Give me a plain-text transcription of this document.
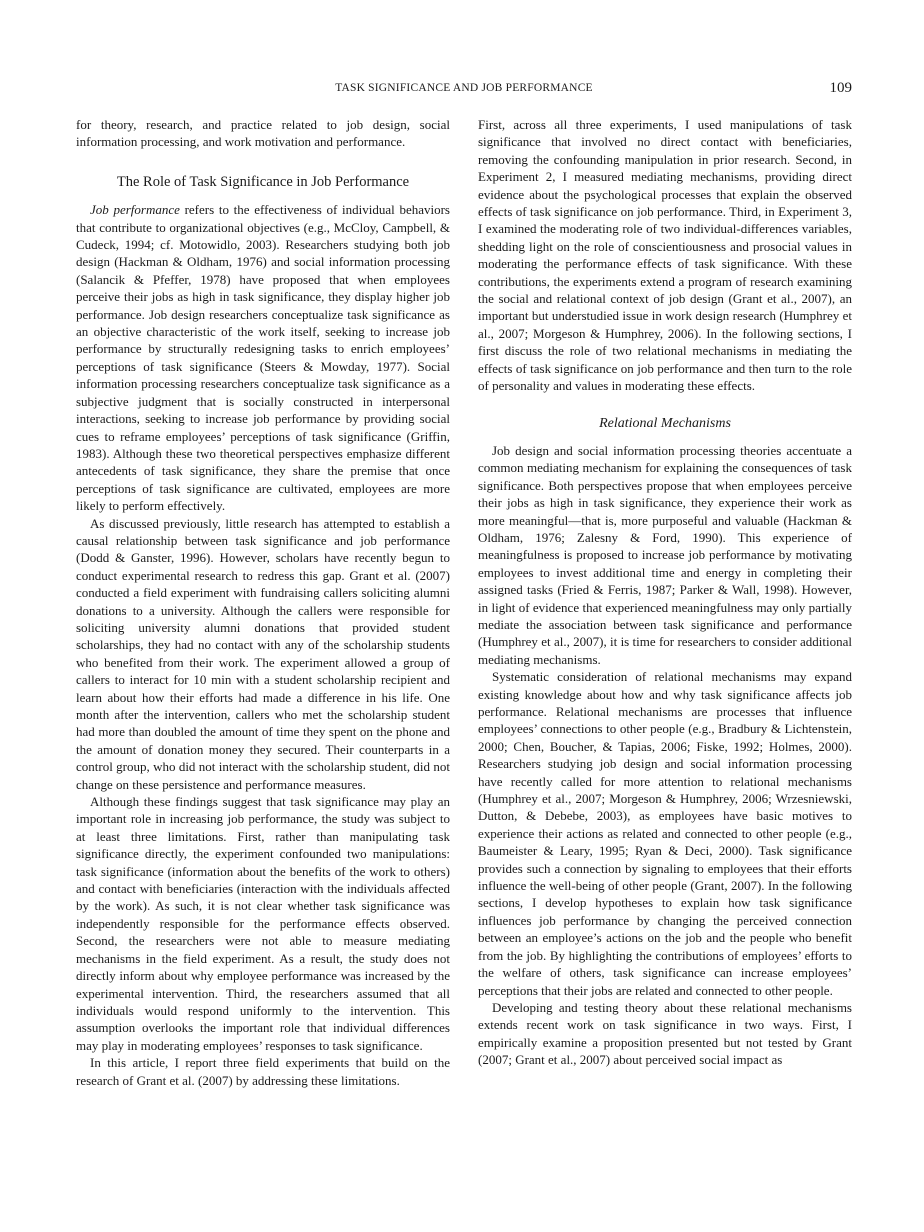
TASK SIGNIFICANCE AND JOB PERFORMANCE	109

for theory, research, and practice related to job design, social information processing, and work motivation and performance.

The Role of Task Significance in Job Performance

Job performance refers to the effectiveness of individual behaviors that contribute to organizational objectives (e.g., McCloy, Campbell, & Cudeck, 1994; cf. Motowidlo, 2003). Researchers studying both job design (Hackman & Oldham, 1976) and social information processing (Salancik & Pfeffer, 1978) have proposed that when employees perceive their jobs as high in task significance, they display higher job performance. Job design researchers conceptualize task significance as an objective characteristic of the work itself, seeking to increase job performance by structurally redesigning tasks to enrich employees’ perceptions of task significance (Steers & Mowday, 1977). Social information processing researchers conceptualize task significance as a subjective judgment that is socially constructed in interpersonal interactions, seeking to increase job performance by providing social cues to reframe employees’ perceptions of task significance (Griffin, 1983). Although these two theoretical perspectives emphasize different antecedents of task significance, they share the premise that once perceptions of task significance are cultivated, employees are more likely to perform effectively.

As discussed previously, little research has attempted to establish a causal relationship between task significance and job performance (Dodd & Ganster, 1996). However, scholars have recently begun to conduct experimental research to redress this gap. Grant et al. (2007) conducted a field experiment with fundraising callers soliciting alumni donations to a university. Although the callers were responsible for soliciting university alumni donations that provided student scholarships, they had no contact with any of the scholarship students who benefited from their work. The experiment allowed a group of callers to interact for 10 min with a student scholarship recipient and learn about how their efforts had made a difference in his life. One month after the intervention, callers who met the scholarship student had more than doubled the amount of time they spent on the phone and the amount of donation money they secured. Their counterparts in a control group, who did not interact with the scholarship student, did not change on these persistence and performance measures.

Although these findings suggest that task significance may play an important role in increasing job performance, the study was subject to at least three limitations. First, rather than manipulating task significance directly, the experiment confounded two manipulations: task significance (information about the benefits of the work to others) and contact with beneficiaries (interaction with the individuals affected by the work). As such, it is not clear whether task significance was independently responsible for the performance effects observed. Second, the researchers were not able to measure mediating mechanisms in the field experiment. As a result, the study does not directly inform about why employee performance was increased by the experimental intervention. Third, the researchers assumed that all individuals would respond uniformly to the intervention. This assumption overlooks the important role that individual differences may play in moderating employees’ responses to task significance.

In this article, I report three field experiments that build on the research of Grant et al. (2007) by addressing these limitations.

First, across all three experiments, I used manipulations of task significance that involved no direct contact with beneficiaries, removing the confounding manipulation in prior research. Second, in Experiment 2, I measured mediating mechanisms, providing direct evidence about the psychological processes that explain the observed effects of task significance on job performance. Third, in Experiment 3, I examined the moderating role of two individual-differences variables, shedding light on the role of conscientiousness and prosocial values in moderating the performance effects of task significance. With these contributions, the experiments extend a program of research examining the social and relational context of job design (Grant et al., 2007), an important but understudied issue in work design research (Humphrey et al., 2007; Morgeson & Humphrey, 2006). In the following sections, I first discuss the role of two relational mechanisms in mediating the effects of task significance on job performance and then turn to the role of personality and values in moderating these effects.

Relational Mechanisms

Job design and social information processing theories accentuate a common mediating mechanism for explaining the consequences of task significance. Both perspectives propose that when employees perceive their jobs as high in task significance, they experience their work as more meaningful—that is, more purposeful and valuable (Hackman & Oldham, 1976; Zalesny & Ford, 1990). This experience of meaningfulness is proposed to increase job performance by motivating employees to invest additional time and energy in completing their assigned tasks (Fried & Ferris, 1987; Parker & Wall, 1998). However, in light of evidence that experienced meaningfulness may only partially mediate the association between task significance and performance (Humphrey et al., 2007), it is time for researchers to consider additional mediating mechanisms.

Systematic consideration of relational mechanisms may expand existing knowledge about how and why task significance affects job performance. Relational mechanisms are processes that influence employees’ connections to other people (e.g., Bradbury & Lichtenstein, 2000; Chen, Boucher, & Tapias, 2006; Fiske, 1992; Holmes, 2000). Researchers studying job design and social information processing have recently called for more attention to relational mechanisms (Humphrey et al., 2007; Morgeson & Humphrey, 2006; Wrzesniewski, Dutton, & Debebe, 2003), as employees have basic motives to experience their actions as related and connected to other people (e.g., Baumeister & Leary, 1995; Ryan & Deci, 2000). Task significance provides such a connection by signaling to employees that their efforts influence the well-being of other people (Grant, 2007). In the following sections, I develop hypotheses to explain how task significance influences job performance by changing the perceived connection between an employee’s actions on the job and the people who benefit from the job. By highlighting the contributions of employees’ efforts to the welfare of others, task significance can increase employees’ perceptions that their jobs are related and connected to other people.

Developing and testing theory about these relational mechanisms extends recent work on task significance in two ways. First, I empirically examine a proposition presented but not tested by Grant (2007; Grant et al., 2007) about perceived social impact as
